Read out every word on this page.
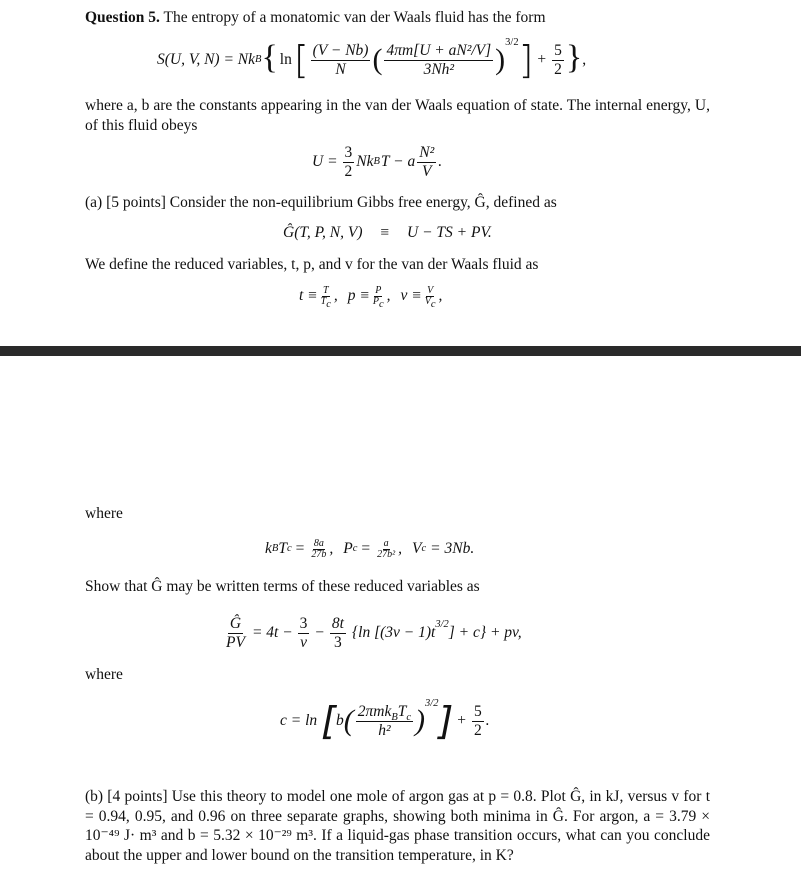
Question 5. The entropy of a monatomic van der Waals fluid has the form
S(U, V, N) = Nk B { ln [ $\frac{(V - Nb)}{N}$ ( $\frac{\text{4πm[U + aN²/V]}}{\text{3Nh²}}$ )
3/2 ] + $\frac{5}{2}$ } ,
where a, b are the constants appearing in the van der Waals equation of state. The internal energy, U, of this fluid obeys
$U = \frac{3}{2}$ Nk B T − a $\frac{\text{N²}}{V}$ .
(a) [5 points] Consider the non-equilibrium Gibbs free energy, Ĝ, defined as
Ĝ(T, P, N, V) ≡ U − TS + PV.
We define the reduced variables, t, p, and v for the van der Waals fluid as
$t \equiv \frac{T}{T_c}$ , $p \equiv \frac{P}{P_c}$ , $v \equiv \frac{V}{V_c}$ ,
where
k B T $c = \frac{8a}{27b}$ , P $c = \frac{a}{\text{27b²}}$ , V c = 3Nb.
Show that Ĝ may be written terms of these reduced variables as
$\frac{Ĝ}{PV} = 4t - \frac{3}{v} - \frac{8t}{3} \{\ln$ [$(3v - 1)t^{3/2}$ ] + c} + pv,
where
c = ln [ b ( $\frac{2\pi mk_BT_c}{\text{h²}}$ )
3/2 ] + $\frac{5}{2}$ .
(b) [4 points] Use this theory to model one mole of argon gas at p = 0.8. Plot Ĝ, in kJ, versus v for t = 0.94, 0.95, and 0.96 on three separate graphs, showing both minima in Ĝ. For argon, a = 3.79 × 10⁻⁴⁹ J· m³ and b = 5.32 × 10⁻²⁹ m³. If a liquid-gas phase transition occurs, what can you conclude about the upper and lower bound on the transition temperature, in K?
